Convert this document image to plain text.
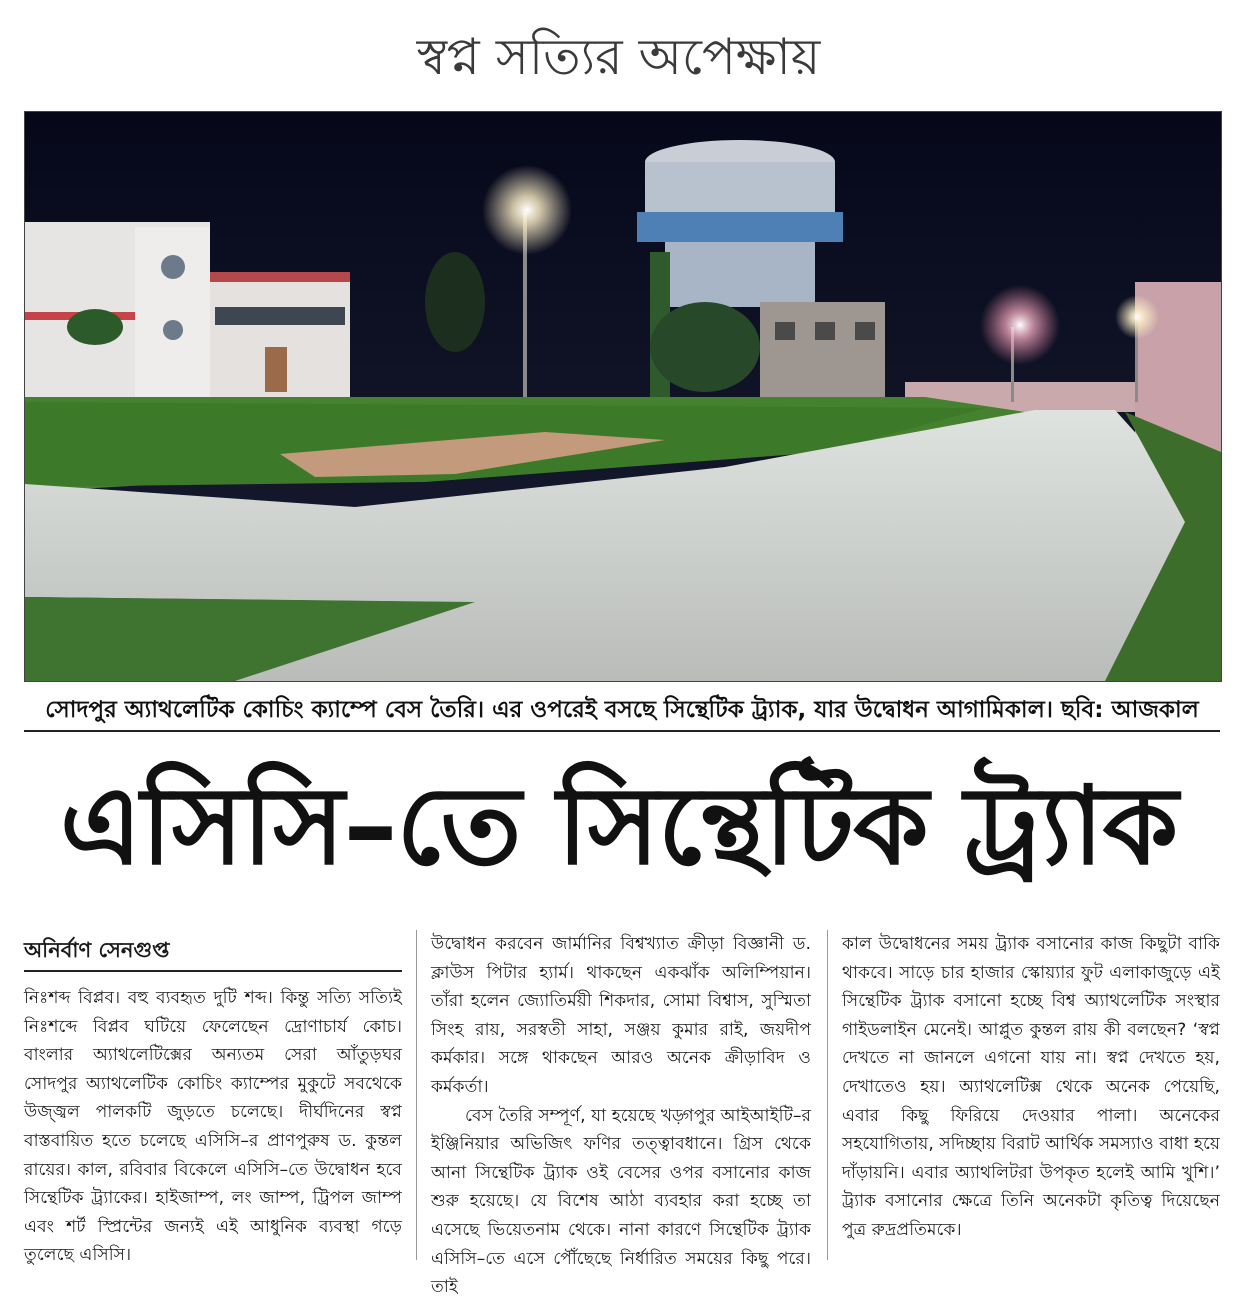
স্বপ্ন সত্যির অপেক্ষায়
সোদপুর অ্যাথলেটিক কোচিং ক্যাম্পে বেস তৈরি। এর ওপরেই বসছে সিন্থেটিক ট্র্যাক, যার উদ্বোধন আগামিকাল। ছবি: আজকাল
এসিসি–তে সিন্থেটিক ট্র্যাক
অনির্বাণ সেনগুপ্ত

নিঃশব্দ বিপ্লব। বহু ব্যবহৃত দুটি শব্দ। কিন্তু সত্যি সত্যিই নিঃশব্দে বিপ্লব ঘটিয়ে ফেলেছেন দ্রোণাচার্য কোচ। বাংলার অ্যাথলেটিক্সের অন্যতম সেরা আঁতুড়ঘর সোদপুর অ্যাথলেটিক কোচিং ক্যাম্পের মুকুটে সবথেকে উজ্জ্বল পালকটি জুড়তে চলেছে। দীর্ঘদিনের স্বপ্ন বাস্তবায়িত হতে চলেছে এসিসি–র প্রাণপুরুষ ড. কুন্তল রায়ের। কাল, রবিবার বিকেলে এসিসি–তে উদ্বোধন হবে সিন্থেটিক ট্র্যাকের। হাইজাম্প, লং জাম্প, ট্রিপল জাম্প এবং শর্ট স্প্রিন্টের জন্যই এই আধুনিক ব্যবস্থা গড়ে তুলেছে এসিসি।

উদ্বোধন করবেন জার্মানির বিশ্বখ্যাত ক্রীড়া বিজ্ঞানী ড. ক্লাউস পিটার হ্যার্ম। থাকছেন একঝাঁক অলিম্পিয়ান। তাঁরা হলেন জ্যোতির্ময়ী শিকদার, সোমা বিশ্বাস, সুস্মিতা সিংহ রায়, সরস্বতী সাহা, সঞ্জয় কুমার রাই, জয়দীপ কর্মকার। সঙ্গে থাকছেন আরও অনেক ক্রীড়াবিদ ও কর্মকর্তা।

বেস তৈরি সম্পূর্ণ, যা হয়েছে খড়্গপুর আইআইটি–র ইঞ্জিনিয়ার অভিজিৎ ফণির তত্ত্বাবধানে। গ্রিস থেকে আনা সিন্থেটিক ট্র্যাক ওই বেসের ওপর বসানোর কাজ শুরু হয়েছে। যে বিশেষ আঠা ব্যবহার করা হচ্ছে তা এসেছে ভিয়েতনাম থেকে। নানা কারণে সিন্থেটিক ট্র্যাক এসিসি–তে এসে পৌঁছেছে নির্ধারিত সময়ের কিছু পরে। তাই

কাল উদ্বোধনের সময় ট্র্যাক বসানোর কাজ কিছুটা বাকি থাকবে। সাড়ে চার হাজার স্কোয়্যার ফুট এলাকাজুড়ে এই সিন্থেটিক ট্র্যাক বসানো হচ্ছে বিশ্ব অ্যাথলেটিক সংস্থার গাইডলাইন মেনেই। আপ্লুত কুন্তল রায় কী বলছেন? ‘স্বপ্ন দেখতে না জানলে এগনো যায় না। স্বপ্ন দেখতে হয়, দেখাতেও হয়। অ্যাথলেটিক্স থেকে অনেক পেয়েছি, এবার কিছু ফিরিয়ে দেওয়ার পালা। অনেকের সহযোগিতায়, সদিচ্ছায় বিরাট আর্থিক সমস্যাও বাধা হয়ে দাঁড়ায়নি। এবার অ্যাথলিটরা উপকৃত হলেই আমি খুশি।’ ট্র্যাক বসানোর ক্ষেত্রে তিনি অনেকটা কৃতিত্ব দিয়েছেন পুত্র রুদ্রপ্রতিমকে।
